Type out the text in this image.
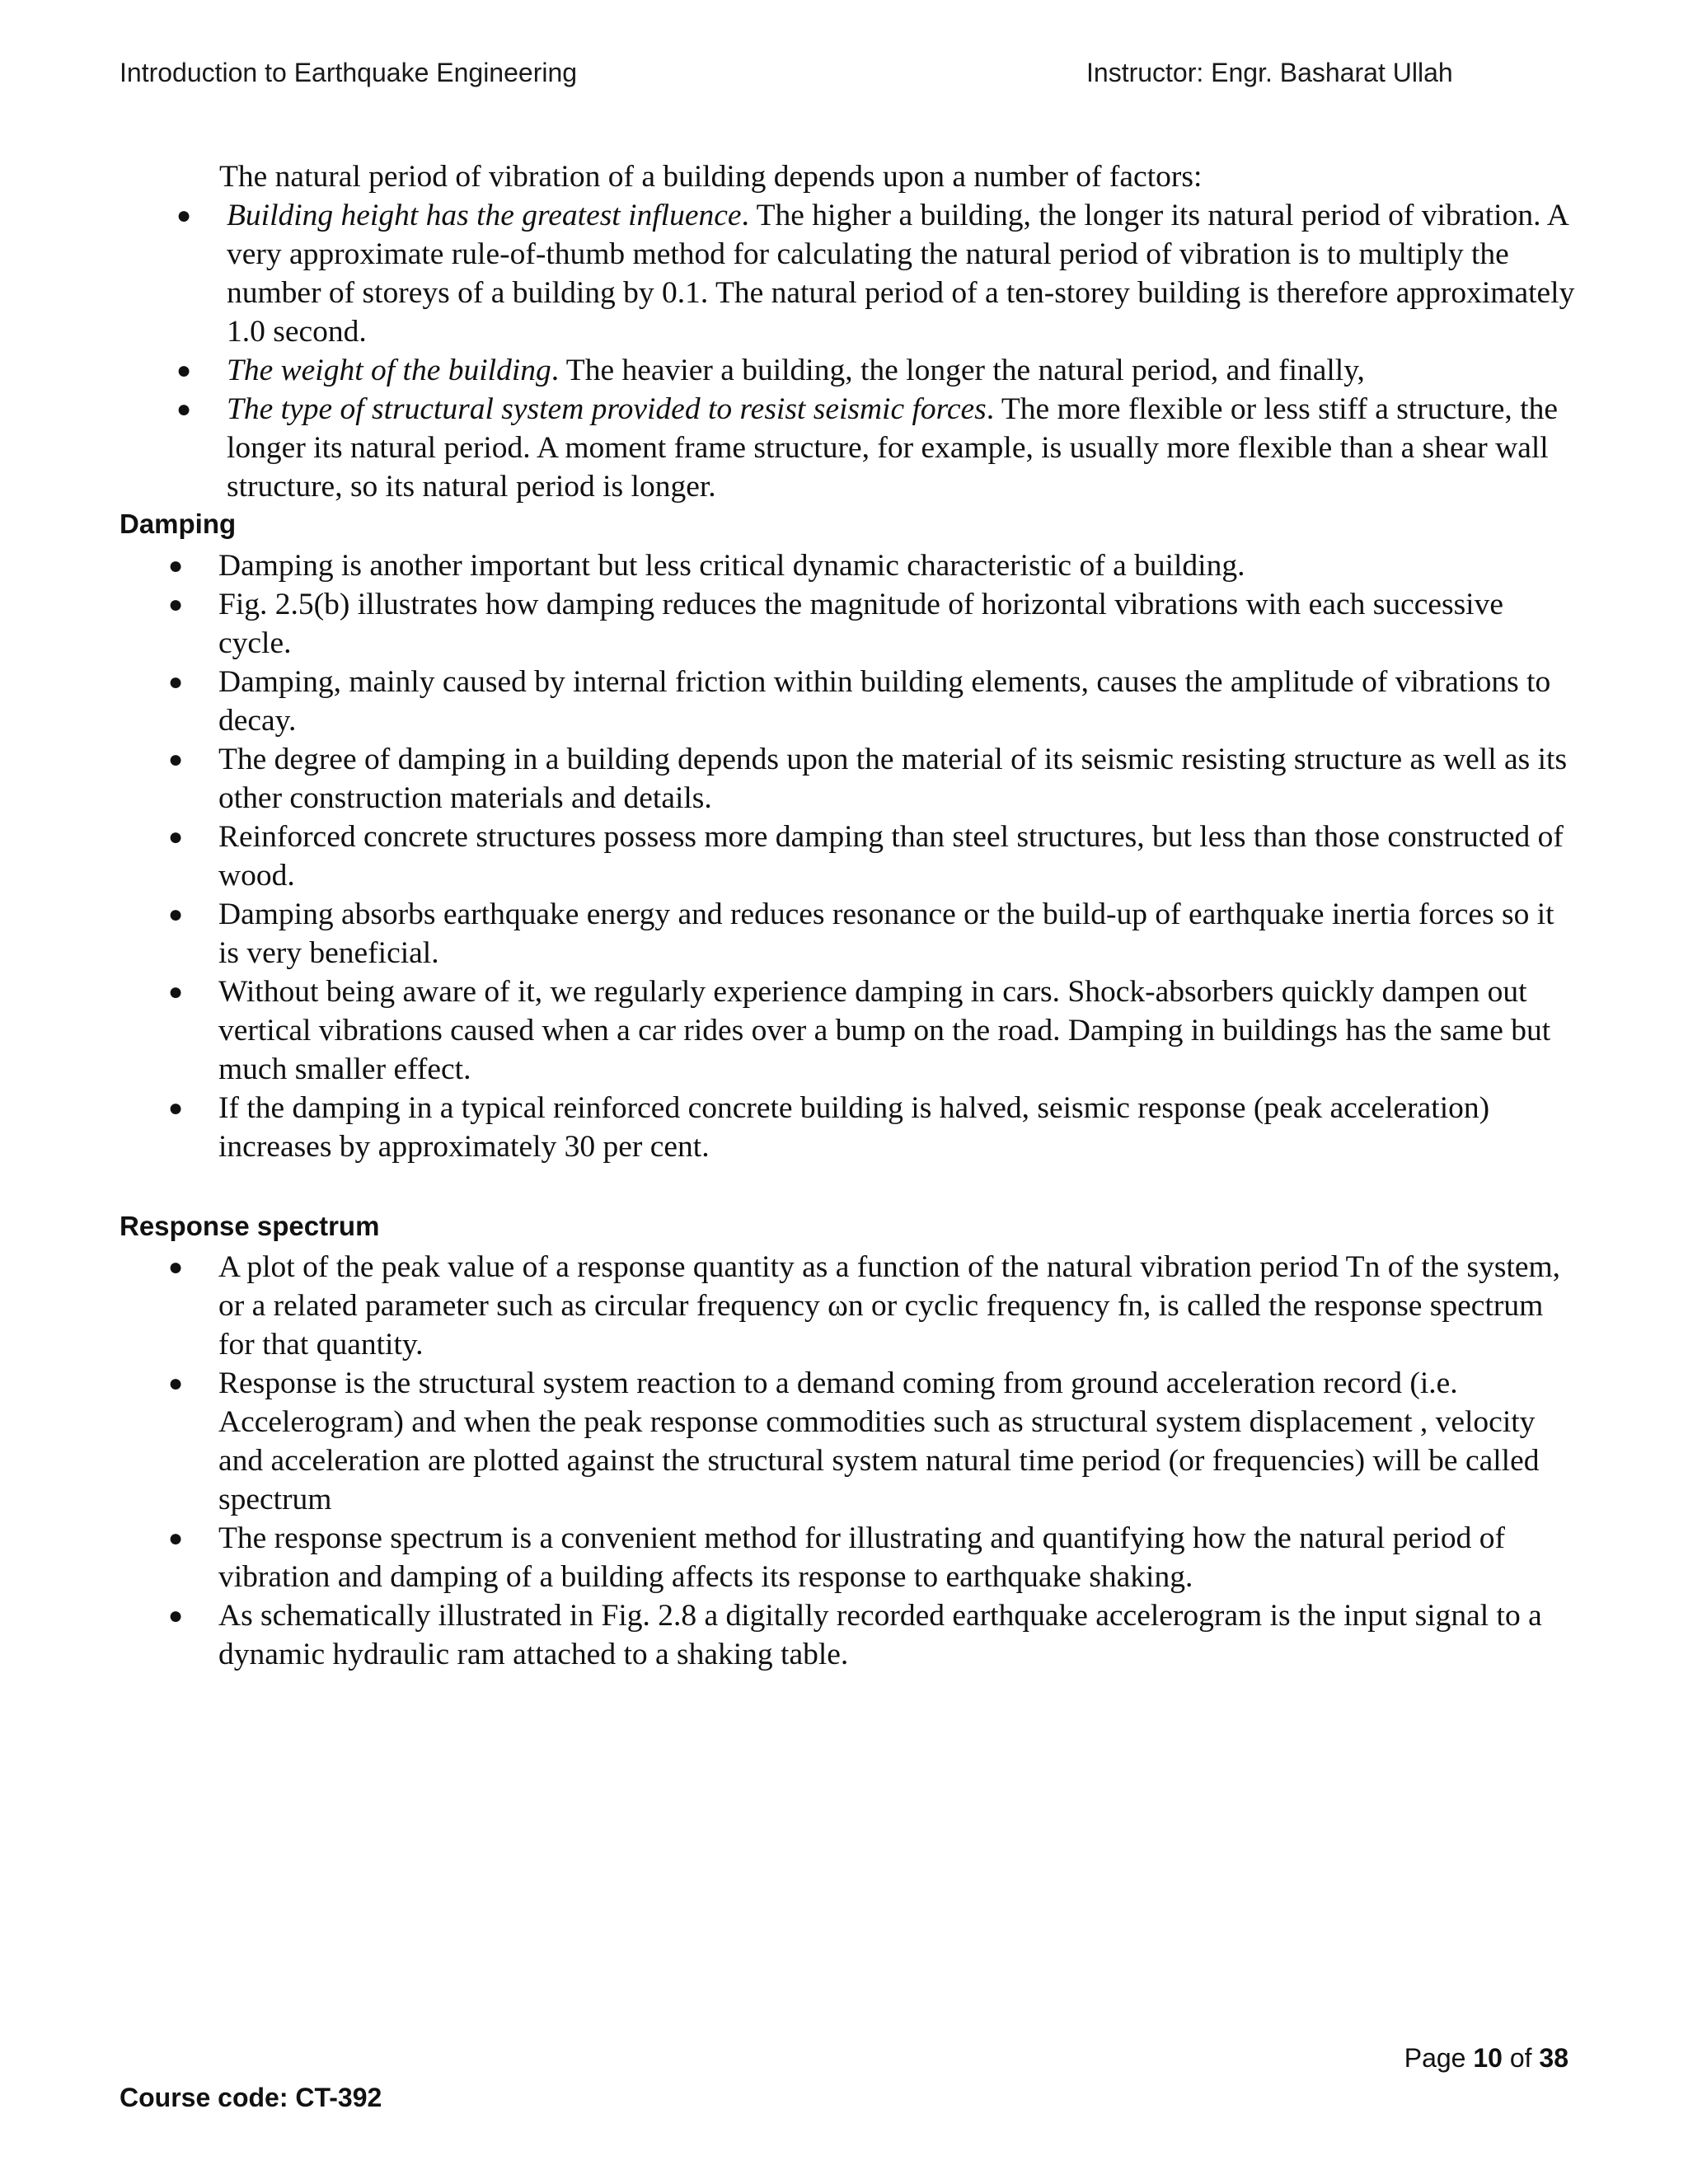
Introduction to Earthquake Engineering	Instructor: Engr. Basharat Ullah

The natural period of vibration of a building depends upon a number of factors:

● Building height has the greatest influence. The higher a building, the longer its natural period of vibration. A very approximate rule-of-thumb method for calculating the natural period of vibration is to multiply the number of storeys of a building by 0.1. The natural period of a ten-storey building is therefore approximately 1.0 second.
● The weight of the building. The heavier a building, the longer the natural period, and finally,
● The type of structural system provided to resist seismic forces. The more flexible or less stiff a structure, the longer its natural period. A moment frame structure, for example, is usually more flexible than a shear wall structure, so its natural period is longer.
Damping
● Damping is another important but less critical dynamic characteristic of a building.
● Fig. 2.5(b) illustrates how damping reduces the magnitude of horizontal vibrations with each successive cycle.
● Damping, mainly caused by internal friction within building elements, causes the amplitude of vibrations to decay.
● The degree of damping in a building depends upon the material of its seismic resisting structure as well as its other construction materials and details.
● Reinforced concrete structures possess more damping than steel structures, but less than those constructed of wood.
● Damping absorbs earthquake energy and reduces resonance or the build-up of earthquake inertia forces so it is very beneficial.
● Without being aware of it, we regularly experience damping in cars. Shock-absorbers quickly dampen out vertical vibrations caused when a car rides over a bump on the road. Damping in buildings has the same but much smaller effect.
● If the damping in a typical reinforced concrete building is halved, seismic response (peak acceleration) increases by approximately 30 per cent.
Response spectrum
● A plot of the peak value of a response quantity as a function of the natural vibration period Tn of the system, or a related parameter such as circular frequency ωn or cyclic frequency fn, is called the response spectrum for that quantity.
● Response is the structural system reaction to a demand coming from ground acceleration record (i.e. Accelerogram) and when the peak response commodities such as structural system displacement , velocity and acceleration are plotted against the structural system natural time period (or frequencies) will be called spectrum
● The response spectrum is a convenient method for illustrating and quantifying how the natural period of vibration and damping of a building affects its response to earthquake shaking.
● As schematically illustrated in Fig. 2.8 a digitally recorded earthquake accelerogram is the input signal to a dynamic hydraulic ram attached to a shaking table.
Page 10 of 38
Course code: CT-392
